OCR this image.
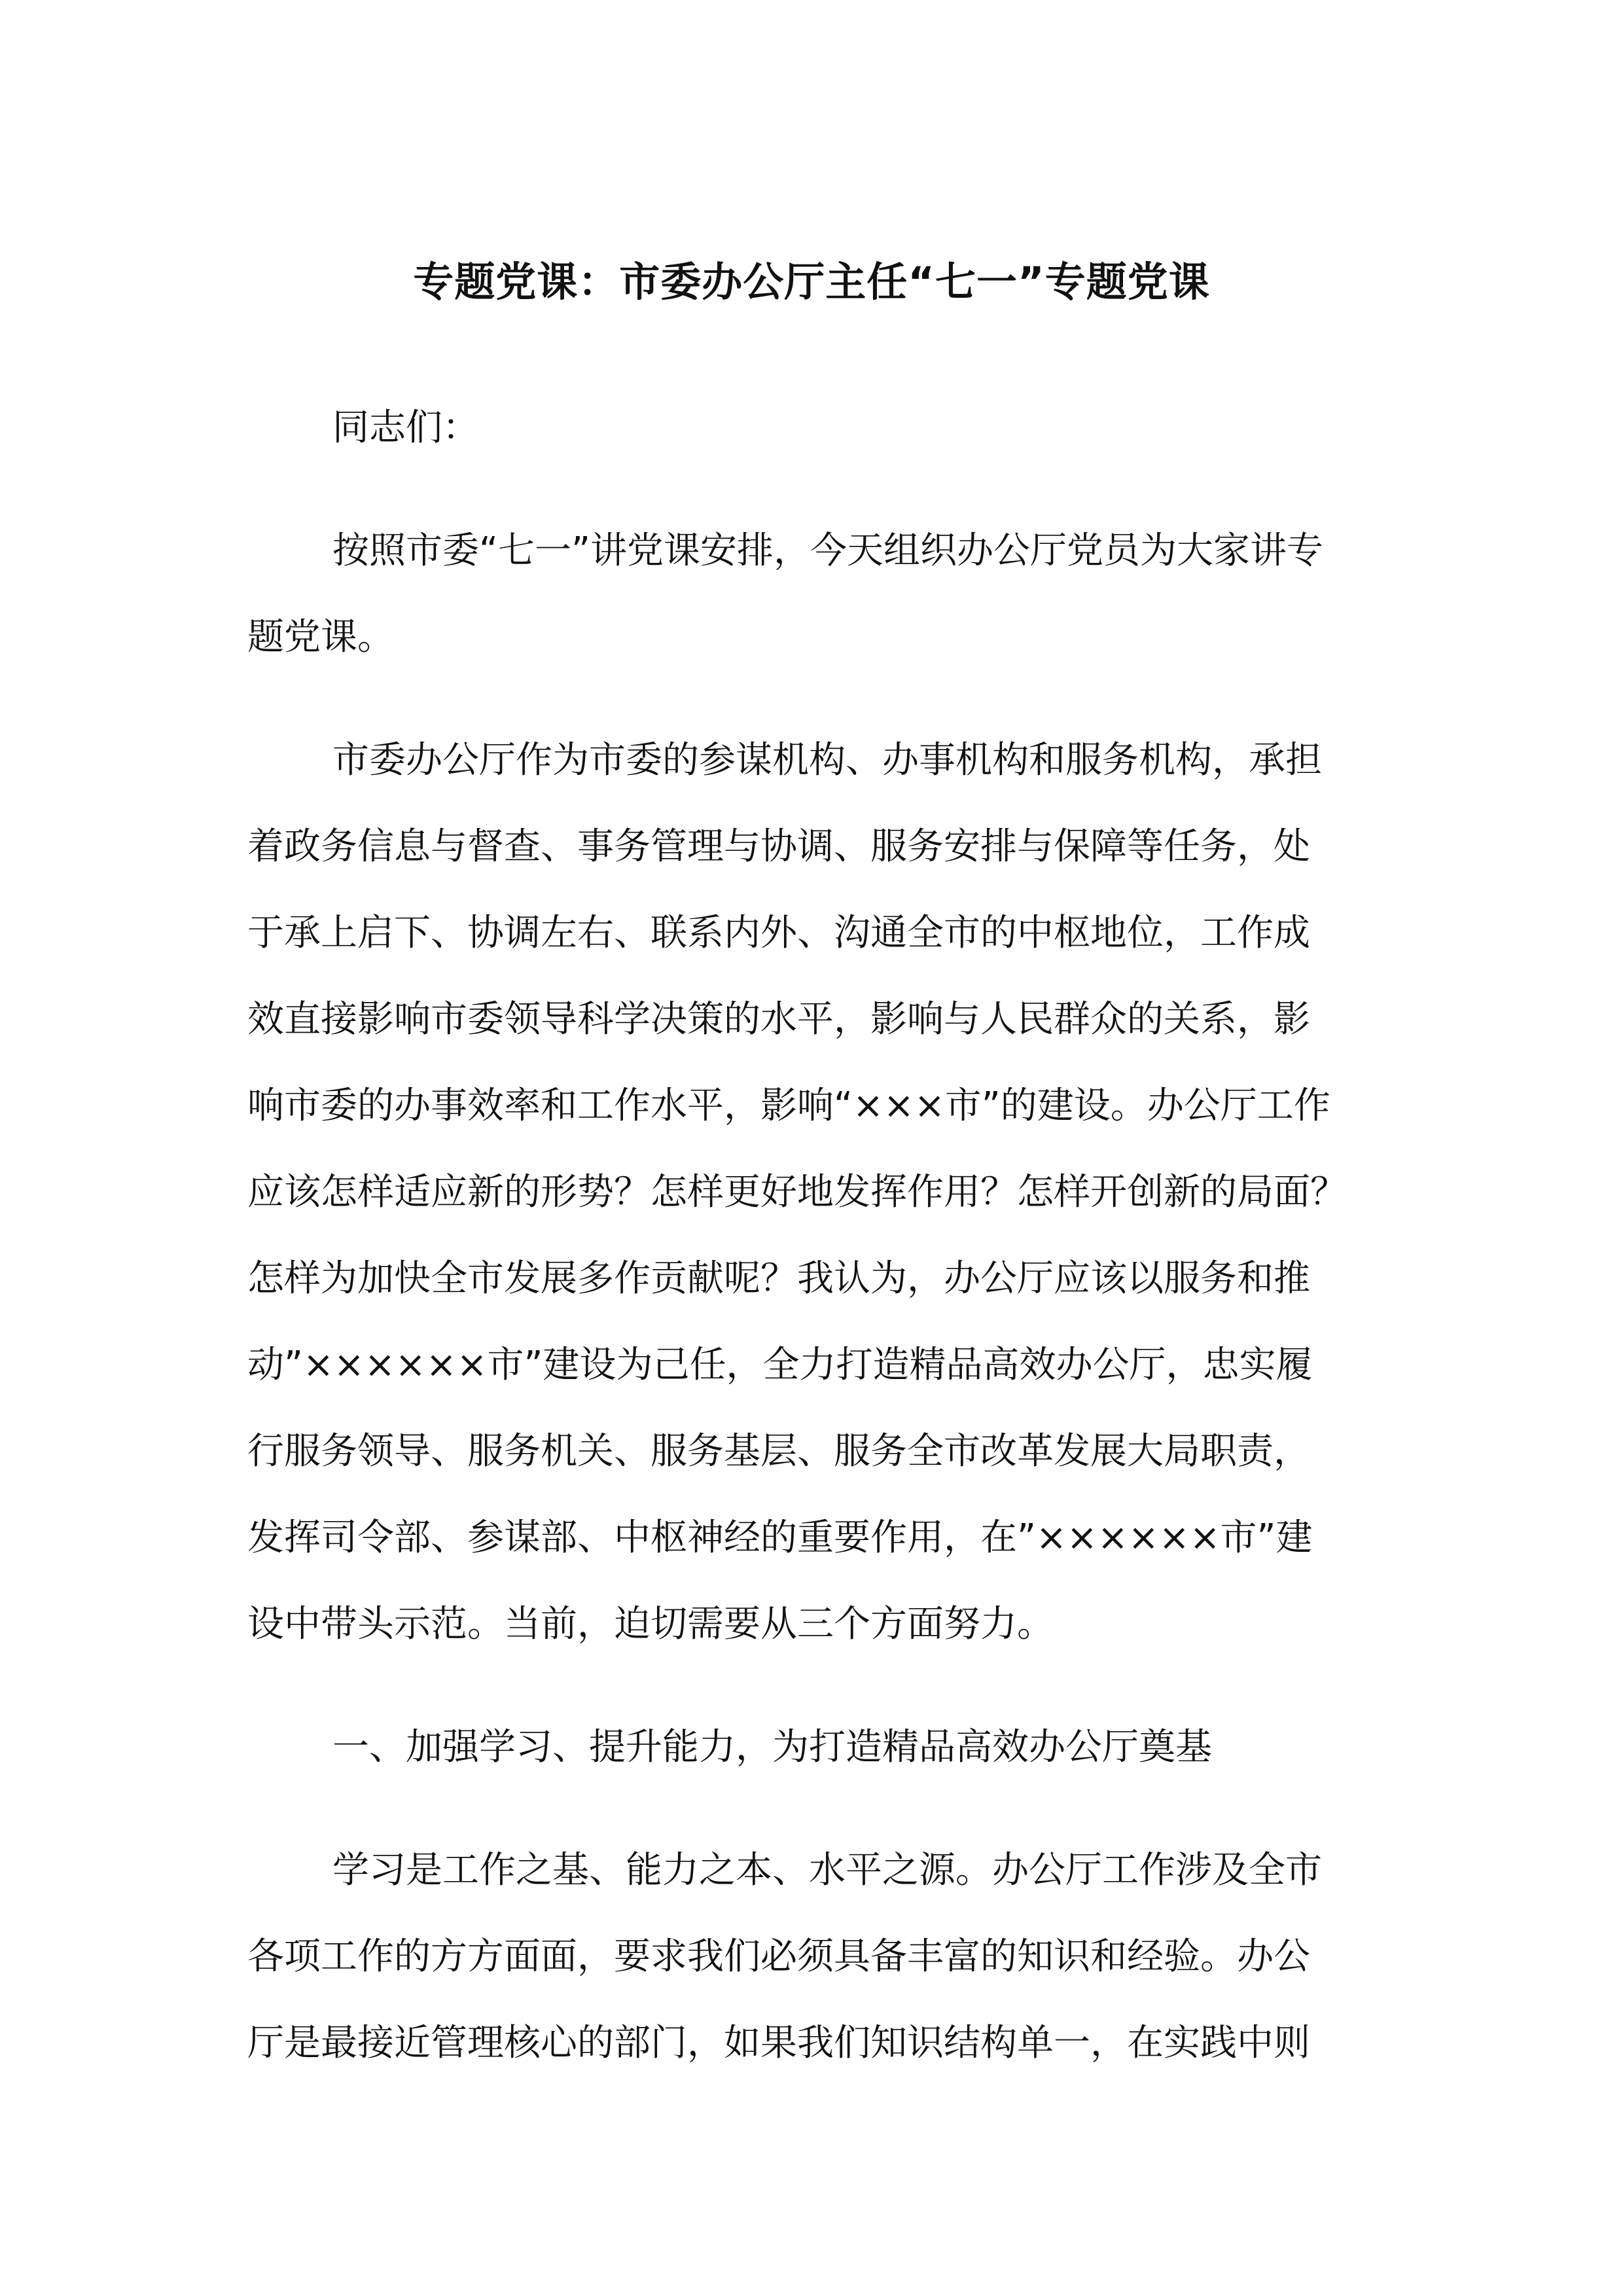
专题党课：市委办公厅主任“七一”专题党课
同志们：
按照市委“七一”讲党课安排，今天组织办公厅党员为大家讲专
题党课。
市委办公厅作为市委的参谋机构、办事机构和服务机构，承担
着政务信息与督查、事务管理与协调、服务安排与保障等任务，处
于承上启下、协调左右、联系内外、沟通全市的中枢地位，工作成
效直接影响市委领导科学决策的水平，影响与人民群众的关系，影
响市委的办事效率和工作水平，影响“×××市”的建设。办公厅工作
应该怎样适应新的形势？怎样更好地发挥作用？怎样开创新的局面？
怎样为加快全市发展多作贡献呢？我认为，办公厅应该以服务和推
动”××××××市”建设为己任，全力打造精品高效办公厅，忠实履
行服务领导、服务机关、服务基层、服务全市改革发展大局职责，
发挥司令部、参谋部、中枢神经的重要作用，在”××××××市”建
设中带头示范。当前，迫切需要从三个方面努力。
一、加强学习、提升能力，为打造精品高效办公厅奠基
学习是工作之基、能力之本、水平之源。办公厅工作涉及全市
各项工作的方方面面，要求我们必须具备丰富的知识和经验。办公
厅是最接近管理核心的部门，如果我们知识结构单一，在实践中则
